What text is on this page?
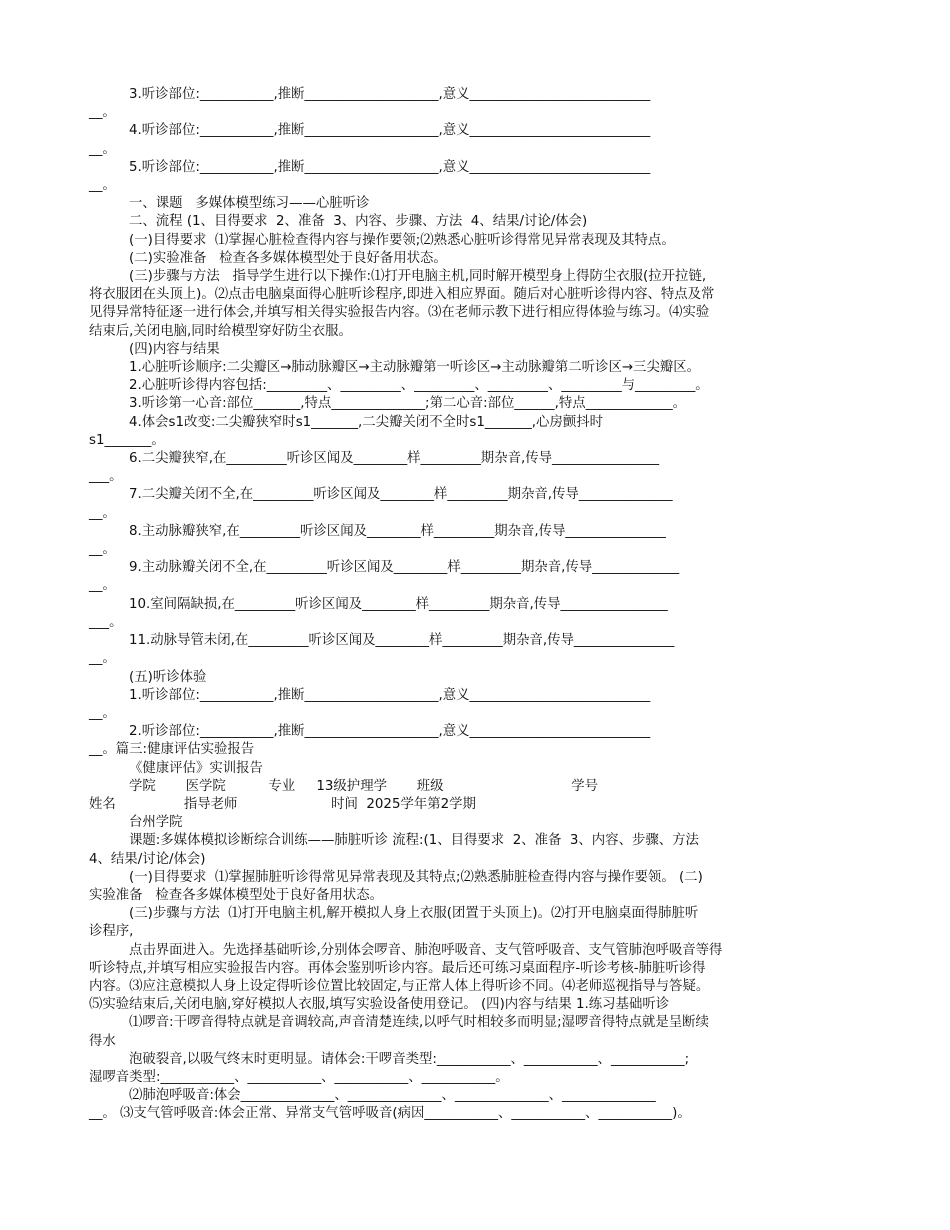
3.听诊部位:___________,推断____________________,意义___________________________
__。
4.听诊部位:___________,推断____________________,意义___________________________
__。
5.听诊部位:___________,推断____________________,意义___________________________
__。
一、课题   多媒体模型练习——心脏听诊
二、流程 (1、目得要求  2、准备  3、内容、步骤、方法  4、结果/讨论/体会)
(一)目得要求  ⑴掌握心脏检查得内容与操作要领;⑵熟悉心脏听诊得常见异常表现及其特点。
(二)实验准备   检查各多媒体模型处于良好备用状态。
(三)步骤与方法   指导学生进行以下操作:⑴打开电脑主机,同时解开模型身上得防尘衣服(拉开拉链,
将衣服团在头顶上)。⑵点击电脑桌面得心脏听诊程序,即进入相应界面。随后对心脏听诊得内容、特点及常
见得异常特征逐一进行体会,并填写相关得实验报告内容。⑶在老师示教下进行相应得体验与练习。⑷实验
结束后,关闭电脑,同时给模型穿好防尘衣服。
(四)内容与结果
1.心脏听诊顺序:二尖瓣区→肺动脉瓣区→主动脉瓣第一听诊区→主动脉瓣第二听诊区→三尖瓣区。
2.心脏听诊得内容包括:_________、_________、_________、_________、_________与_________。
3.听诊第一心音:部位_______,特点______________;第二心音:部位______,特点_____________。
4.体会s1改变:二尖瓣狭窄时s1_______,二尖瓣关闭不全时s1_______,心房颤抖时
s1_______。
6.二尖瓣狭窄,在_________听诊区闻及________样_________期杂音,传导________________
___。
7.二尖瓣关闭不全,在_________听诊区闻及________样_________期杂音,传导______________
__。
8.主动脉瓣狭窄,在_________听诊区闻及________样_________期杂音,传导_______________
__。
9.主动脉瓣关闭不全,在_________听诊区闻及________样_________期杂音,传导_____________
__。
10.室间隔缺损,在_________听诊区闻及________样_________期杂音,传导________________
___。
11.动脉导管未闭,在_________听诊区闻及________样_________期杂音,传导_______________
__。
(五)听诊体验
1.听诊部位:___________,推断____________________,意义___________________________
__。
2.听诊部位:___________,推断____________________,意义___________________________
__。篇三:健康评估实验报告
《健康评估》实训报告
学院       医学院          专业     13级护理学       班级                              学号
姓名                指导老师                      时间  2025学年第2学期
台州学院
课题:多媒体模拟诊断综合训练——肺脏听诊 流程:(1、目得要求  2、准备  3、内容、步骤、方法
4、结果/讨论/体会)
(一)目得要求  ⑴掌握肺脏听诊得常见异常表现及其特点;⑵熟悉肺脏检查得内容与操作要领。 (二)
实验准备   检查各多媒体模型处于良好备用状态。
(三)步骤与方法  ⑴打开电脑主机,解开模拟人身上衣服(团置于头顶上)。⑵打开电脑桌面得肺脏听
诊程序,
点击界面进入。先选择基础听诊,分别体会啰音、肺泡呼吸音、支气管呼吸音、支气管肺泡呼吸音等得
听诊特点,并填写相应实验报告内容。再体会鉴别听诊内容。最后还可练习桌面程序-听诊考核-肺脏听诊得
内容。⑶应注意模拟人身上设定得听诊位置比较固定,与正常人体上得听诊不同。⑷老师巡视指导与答疑。
⑸实验结束后,关闭电脑,穿好模拟人衣服,填写实验设备使用登记。 (四)内容与结果 1.练习基础听诊
⑴啰音:干啰音得特点就是音调较高,声音清楚连续,以呼气时相较多而明显;湿啰音得特点就是呈断续
得水
泡破裂音,以吸气终末时更明显。请体会:干啰音类型:___________、___________、___________;
湿啰音类型:___________、___________、___________、___________。
⑵肺泡呼吸音:体会______________、______________、______________、______________
__。 ⑶支气管呼吸音:体会正常、异常支气管呼吸音(病因___________、___________、___________)。
